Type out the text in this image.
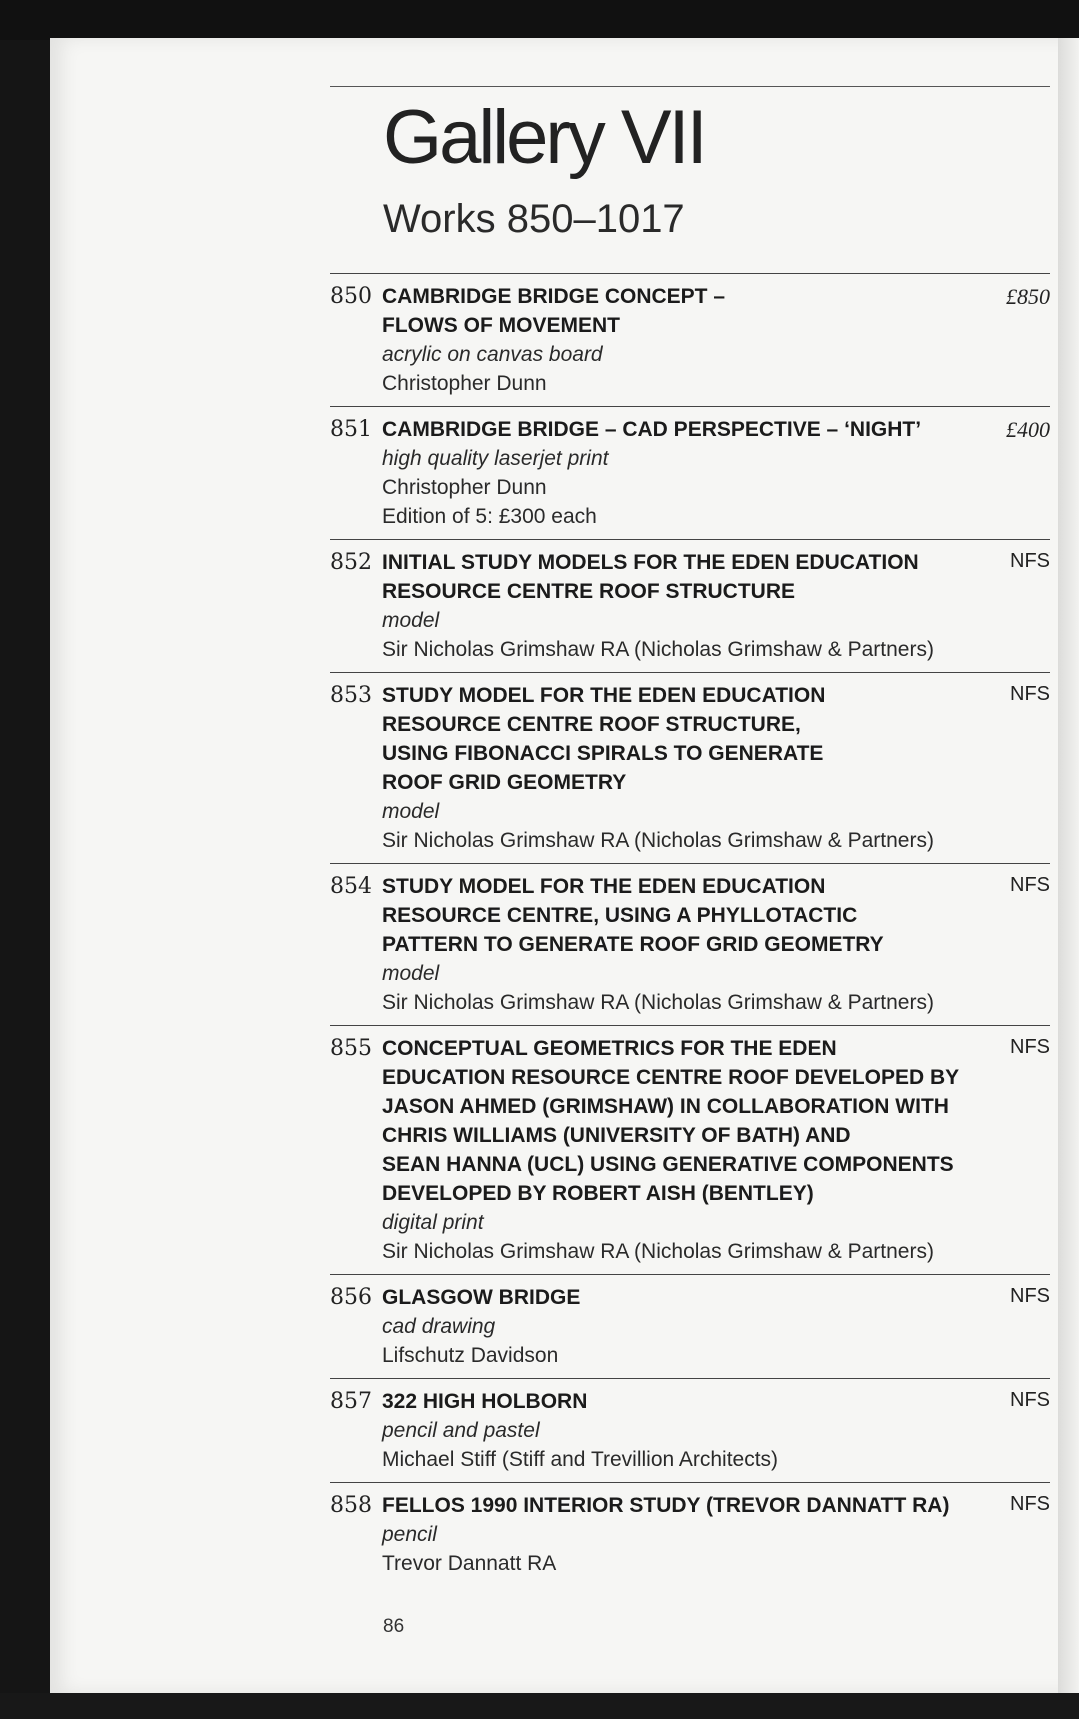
Gallery VII
Works 850–1017
850	£850
CAMBRIDGE BRIDGE CONCEPT –
FLOWS OF MOVEMENT
acrylic on canvas board
Christopher Dunn
851	£400
CAMBRIDGE BRIDGE – CAD PERSPECTIVE – ‘NIGHT’
high quality laserjet print
Christopher Dunn
Edition of 5: £300 each
852	NFS
INITIAL STUDY MODELS FOR THE EDEN EDUCATION
RESOURCE CENTRE ROOF STRUCTURE
model
Sir Nicholas Grimshaw RA (Nicholas Grimshaw & Partners)
853	NFS
STUDY MODEL FOR THE EDEN EDUCATION
RESOURCE CENTRE ROOF STRUCTURE,
USING FIBONACCI SPIRALS TO GENERATE
ROOF GRID GEOMETRY
model
Sir Nicholas Grimshaw RA (Nicholas Grimshaw & Partners)
854	NFS
STUDY MODEL FOR THE EDEN EDUCATION
RESOURCE CENTRE, USING A PHYLLOTACTIC
PATTERN TO GENERATE ROOF GRID GEOMETRY
model
Sir Nicholas Grimshaw RA (Nicholas Grimshaw & Partners)
855	NFS
CONCEPTUAL GEOMETRICS FOR THE EDEN
EDUCATION RESOURCE CENTRE ROOF DEVELOPED BY
JASON AHMED (GRIMSHAW) IN COLLABORATION WITH
CHRIS WILLIAMS (UNIVERSITY OF BATH) AND
SEAN HANNA (UCL) USING GENERATIVE COMPONENTS
DEVELOPED BY ROBERT AISH (BENTLEY)
digital print
Sir Nicholas Grimshaw RA (Nicholas Grimshaw & Partners)
856	NFS
GLASGOW BRIDGE
cad drawing
Lifschutz Davidson
857	NFS
322 HIGH HOLBORN
pencil and pastel
Michael Stiff (Stiff and Trevillion Architects)
858	NFS
FELLOS 1990 INTERIOR STUDY (TREVOR DANNATT RA)
pencil
Trevor Dannatt RA
86
